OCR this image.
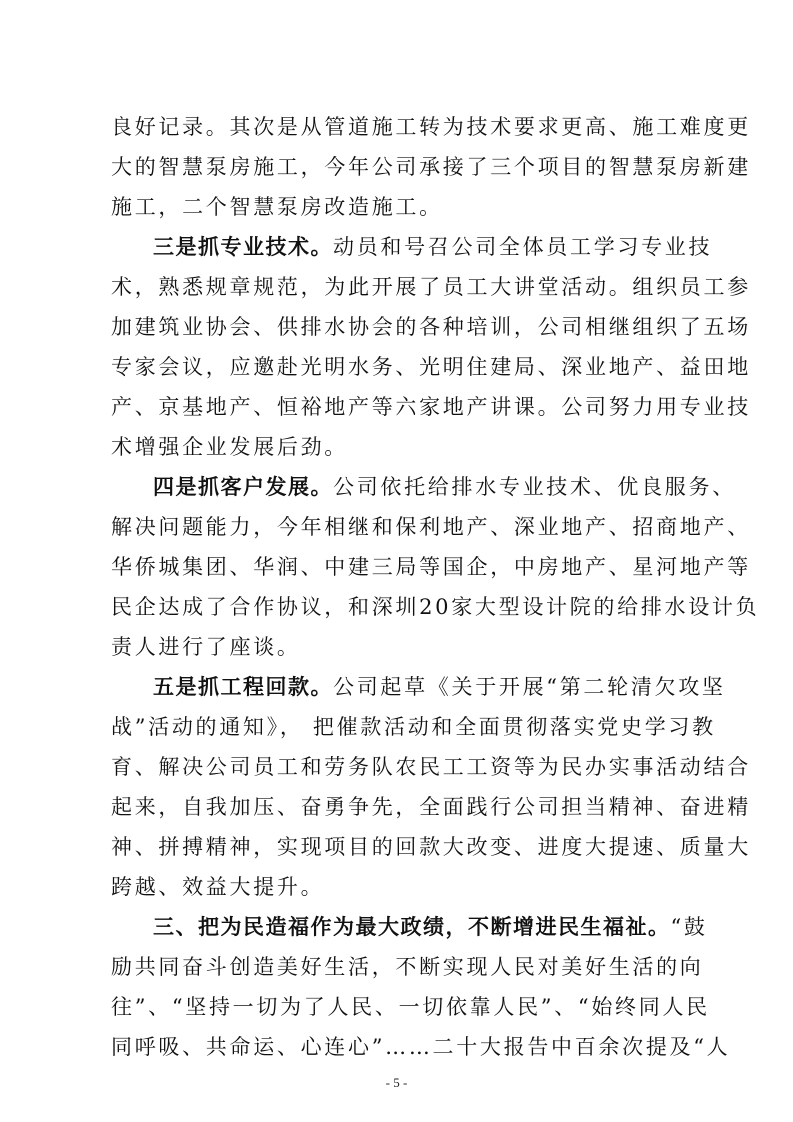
良好记录。其次是从管道施工转为技术要求更高、施工难度更
大的智慧泵房施工，今年公司承接了三个项目的智慧泵房新建
施工，二个智慧泵房改造施工。
三是抓专业技术。动员和号召公司全体员工学习专业技
术，熟悉规章规范，为此开展了员工大讲堂活动。组织员工参
加建筑业协会、供排水协会的各种培训，公司相继组织了五场
专家会议，应邀赴光明水务、光明住建局、深业地产、益田地
产、京基地产、恒裕地产等六家地产讲课。公司努力用专业技
术增强企业发展后劲。
四是抓客户发展。公司依托给排水专业技术、优良服务、
解决问题能力，今年相继和保利地产、深业地产、招商地产、
华侨城集团、华润、中建三局等国企，中房地产、星河地产等
民企达成了合作协议，和深圳20家大型设计院的给排水设计负
责人进行了座谈。
五是抓工程回款。公司起草《关于开展“第二轮清欠攻坚
战”活动的通知》， 把催款活动和全面贯彻落实党史学习教
育、解决公司员工和劳务队农民工工资等为民办实事活动结合
起来，自我加压、奋勇争先，全面践行公司担当精神、奋进精
神、拼搏精神，实现项目的回款大改变、进度大提速、质量大
跨越、效益大提升。
三、把为民造福作为最大政绩，不断增进民生福祉。“鼓
励共同奋斗创造美好生活，不断实现人民对美好生活的向
往”、“坚持一切为了人民、一切依靠人民”、“始终同人民
同呼吸、共命运、心连心”……二十大报告中百余次提及“人
- 5 -
